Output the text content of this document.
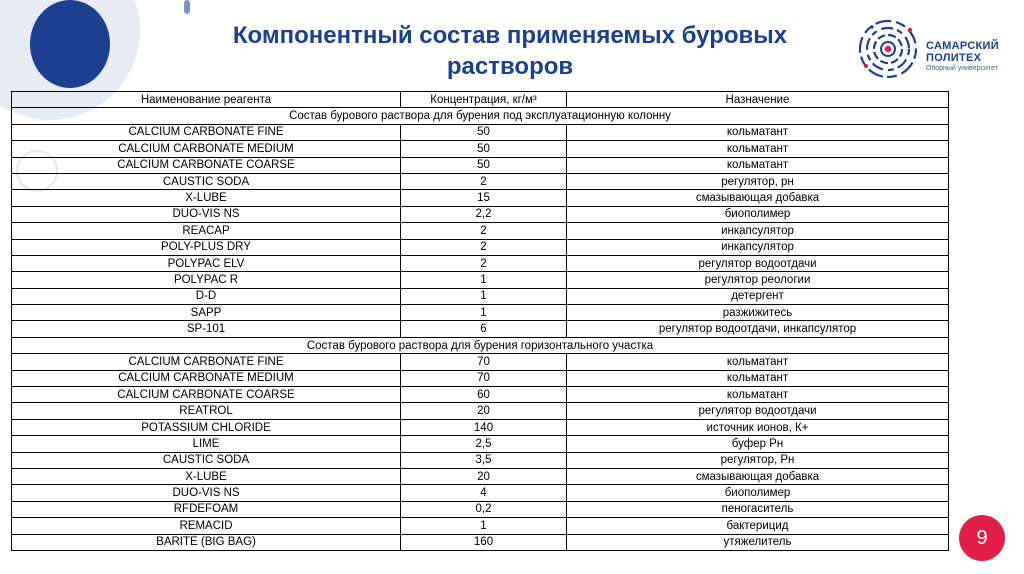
Компонентный состав применяемых буровых
растворов
САМАРСКИЙ
ПОЛИТЕХ
Опорный университет
Наименование реагента	Концентрация, кг/м³	Назначение
Состав бурового раствора для бурения под эксплуатационную колонну		
CALCIUM CARBONATE FINE	50	кольматант
CALCIUM CARBONATE MEDIUM	50	кольматант
CALCIUM CARBONATE COARSE	50	кольматант
CAUSTIC SODA	2	регулятор, рн
X-LUBE	15	смазывающая добавка
DUO-VIS NS	2,2	биополимер
REACAP	2	инкапсулятор
POLY-PLUS DRY	2	инкапсулятор
POLYPAC ELV	2	регулятор водоотдачи
POLYPAC R	1	регулятор реологии
D-D	1	детергент
SAPP	1	разжижитесь
SP-101	6	регулятор водоотдачи, инкапсулятор
Состав бурового раствора для бурения горизонтального участка		
CALCIUM CARBONATE FINE	70	кольматант
CALCIUM CARBONATE MEDIUM	70	кольматант
CALCIUM CARBONATE COARSE	60	кольматант
REATROL	20	регулятор водоотдачи
POTASSIUM CHLORIDE	140	источник ионов, К+
LIME	2,5	буфер Рн
CAUSTIC SODA	3,5	регулятор, Рн
X-LUBE	20	смазывающая добавка
DUO-VIS NS	4	биополимер
RFDEFOAM	0,2	пеногаситель
REMACID	1	бактерицид
BARITE (BIG BAG)	160	утяжелитель	9
